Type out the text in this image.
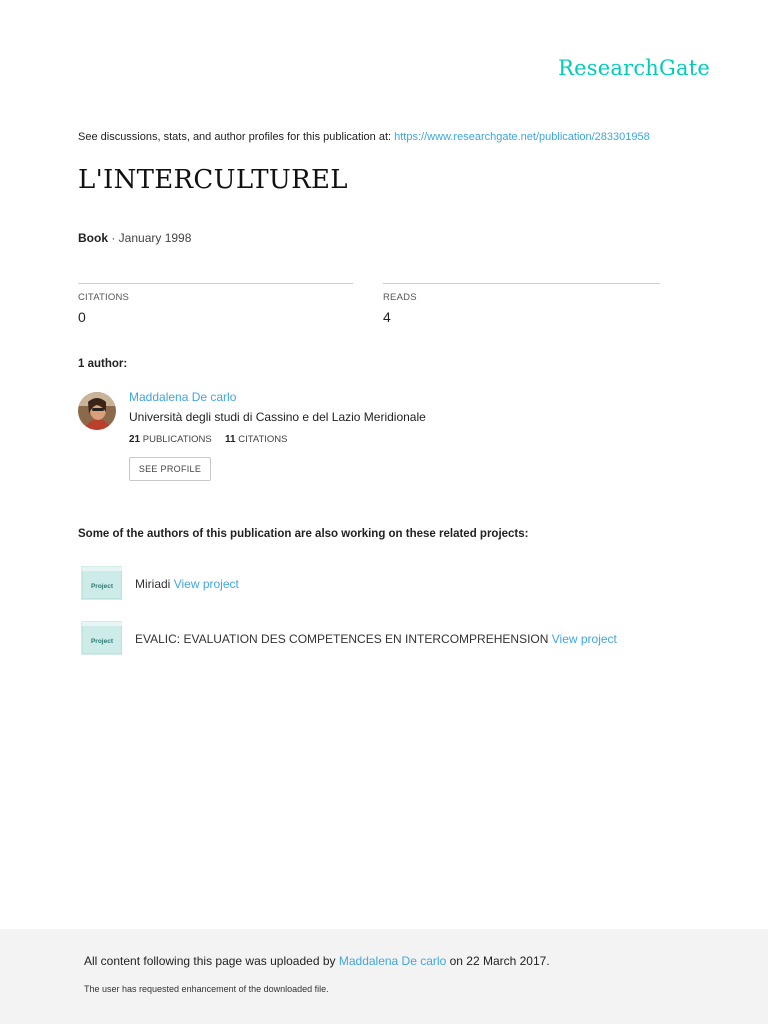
ResearchGate
See discussions, stats, and author profiles for this publication at: https://www.researchgate.net/publication/283301958
L'INTERCULTUREL
Book · January 1998
CITATIONS
0
READS
4
1 author:
Maddalena De carlo
Università degli studi di Cassino e del Lazio Meridionale
21 PUBLICATIONS 11 CITATIONS
SEE PROFILE
Some of the authors of this publication are also working on these related projects:
Project Miriadi View project
Project EVALIC: EVALUATION DES COMPETENCES EN INTERCOMPREHENSION View project
All content following this page was uploaded by Maddalena De carlo on 22 March 2017.
The user has requested enhancement of the downloaded file.
